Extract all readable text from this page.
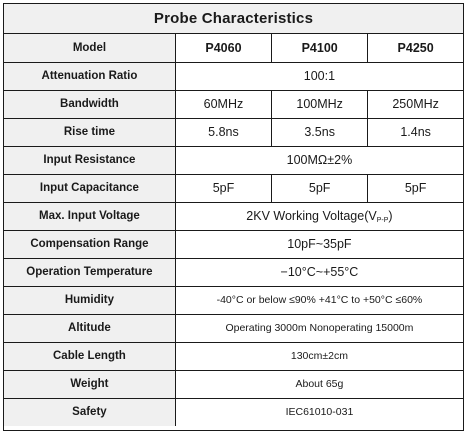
Probe Characteristics
Model	P4060	P4100	P4250
Attenuation Ratio	100:1		
Bandwidth	60MHz	100MHz	250MHz
Rise time	5.8ns	3.5ns	1.4ns
Input Resistance	100MΩ±2%		
Input Capacitance	5pF	5pF	5pF
Max. Input Voltage	2KV Working $Voltage(V_{P-P})$		
Compensation Range	10pF~35pF		
Operation Temperature	−10°C~+55°C		
Humidity	-40°C or below ≤90% +41°C to +50°C ≤60%		
Altitude	Operating 3000m Nonoperating 15000m		
Cable Length	130cm±2cm		
Weight	About 65g		
Safety	IEC61010-031		
